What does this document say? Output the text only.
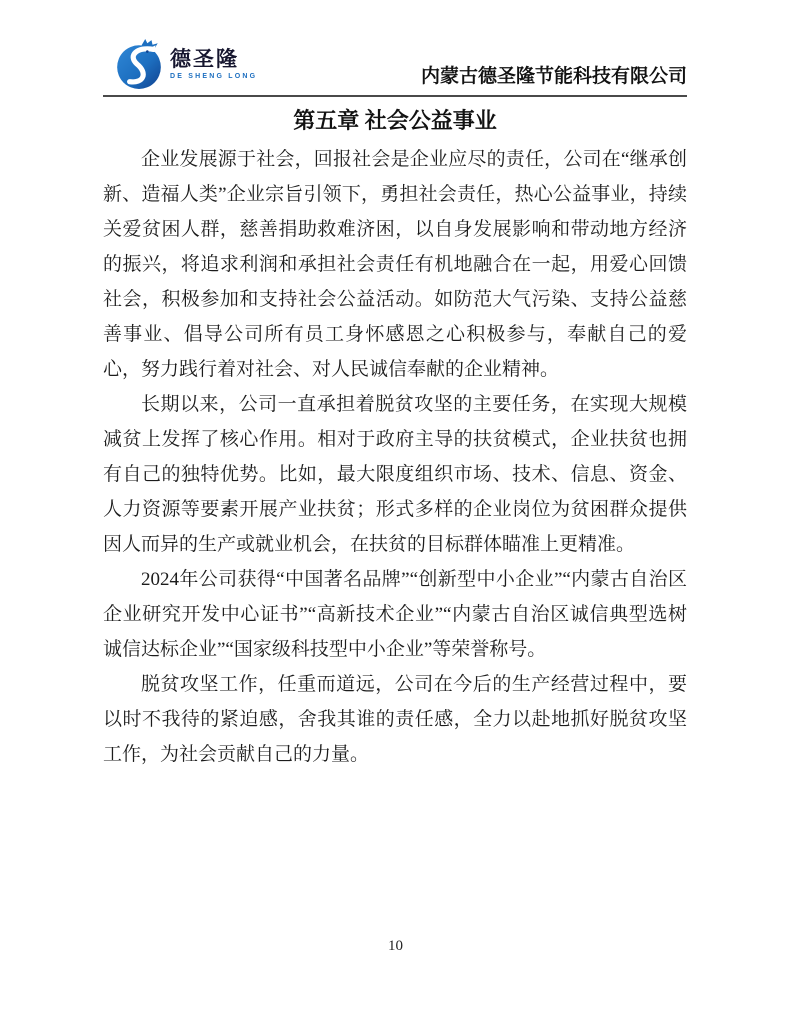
德圣隆
DE SHENG LONG	内蒙古德圣隆节能科技有限公司
第五章 社会公益事业

企业发展源于社会，回报社会是企业应尽的责任，公司在“继承创新、造福人类”企业宗旨引领下，勇担社会责任，热心公益事业，持续关爱贫困人群，慈善捐助救难济困，以自身发展影响和带动地方经济的振兴，将追求利润和承担社会责任有机地融合在一起，用爱心回馈社会，积极参加和支持社会公益活动。如防范大气污染、支持公益慈善事业、倡导公司所有员工身怀感恩之心积极参与，奉献自己的爱心，努力践行着对社会、对人民诚信奉献的企业精神。

长期以来，公司一直承担着脱贫攻坚的主要任务，在实现大规模减贫上发挥了核心作用。相对于政府主导的扶贫模式，企业扶贫也拥有自己的独特优势。比如，最大限度组织市场、技术、信息、资金、人力资源等要素开展产业扶贫；形式多样的企业岗位为贫困群众提供因人而异的生产或就业机会，在扶贫的目标群体瞄准上更精准。

2024年公司获得“中国著名品牌”“创新型中小企业”“内蒙古自治区企业研究开发中心证书”“高新技术企业”“内蒙古自治区诚信典型选树诚信达标企业”“国家级科技型中小企业”等荣誉称号。

脱贫攻坚工作，任重而道远，公司在今后的生产经营过程中，要以时不我待的紧迫感，舍我其谁的责任感，全力以赴地抓好脱贫攻坚工作，为社会贡献自己的力量。

10
